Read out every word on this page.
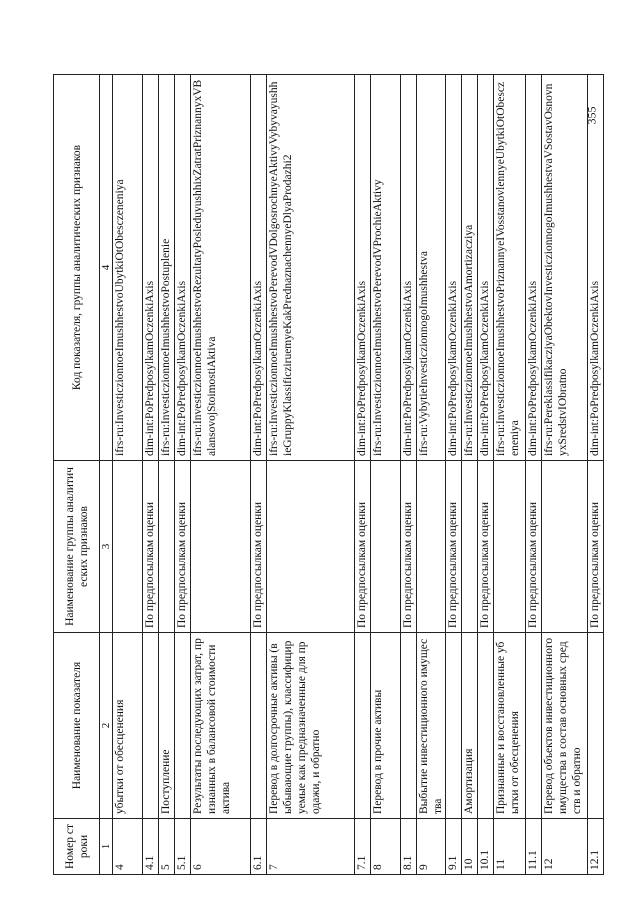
355
Номер строки	Наименование показателя	Наименование группы аналитических признаков	Код показателя, группы аналитических признаков
1	2	3	4
4	убытки от обесценения		ifrs-ru:InvesticzionnoeImushhestvoUbytkiOtObesczeneniya
4.1		По предпосылкам оценки	dim-int:PoPredposylkamOczenkiAxis
5	Поступление		ifrs-ru:InvesticzionnoeImushhestvoPostuplenie
5.1		По предпосылкам оценки	dim-int:PoPredposylkamOczenkiAxis
6	Результаты последующих затрат, признанных в балансовой стоимости актива		ifrs-ru:InvesticzionnoeImushhestvoRezultatyPosleduyushhixZatratPriznannyxVBalansovojStoimostiAktiva
6.1		По предпосылкам оценки	dim-int:PoPredposylkamOczenkiAxis
7	Перевод в долгосрочные активы (выбывающие группы), классифицируемые как предназначенные для продажи, и обратно		ifrs-ru:InvesticzionnoeImushhestvoPerevodVDolgosrochnyeAktivyVybyvayushhieGruppyKlassificziruemyeKakPrednaznachennyeDlyaProdazhi2
7.1		По предпосылкам оценки	dim-int:PoPredposylkamOczenkiAxis
8	Перевод в прочие активы		ifrs-ru:InvesticzionnoeImushhestvoPerevodVProchieAktivy
8.1		По предпосылкам оценки	dim-int:PoPredposylkamOczenkiAxis
9	Выбытие инвестиционного имущества		ifrs-ru:VybytieInvesticzionnogoImushhestva
9.1		По предпосылкам оценки	dim-int:PoPredposylkamOczenkiAxis
10	Амортизация		ifrs-ru:InvesticzionnoeImushhestvoAmortizacziya
10.1		По предпосылкам оценки	dim-int:PoPredposylkamOczenkiAxis
11	Признанные и восстановленные убытки от обесценения		ifrs-ru:InvesticzionnoeImushhestvoPriznannyeIVosstanovlennyeUbytkiOtObesczeneniya
11.1		По предпосылкам оценки	dim-int:PoPredposylkamOczenkiAxis
12	Перевод объектов инвестиционного имущества в состав основных средств и обратно		ifrs-ru:PereklassifikacziyaObektovInvesticzionnogoImushhestvaVSostavOsnovnyxSredstvIObratno
12.1		По предпосылкам оценки	dim-int:PoPredposylkamOczenkiAxis
